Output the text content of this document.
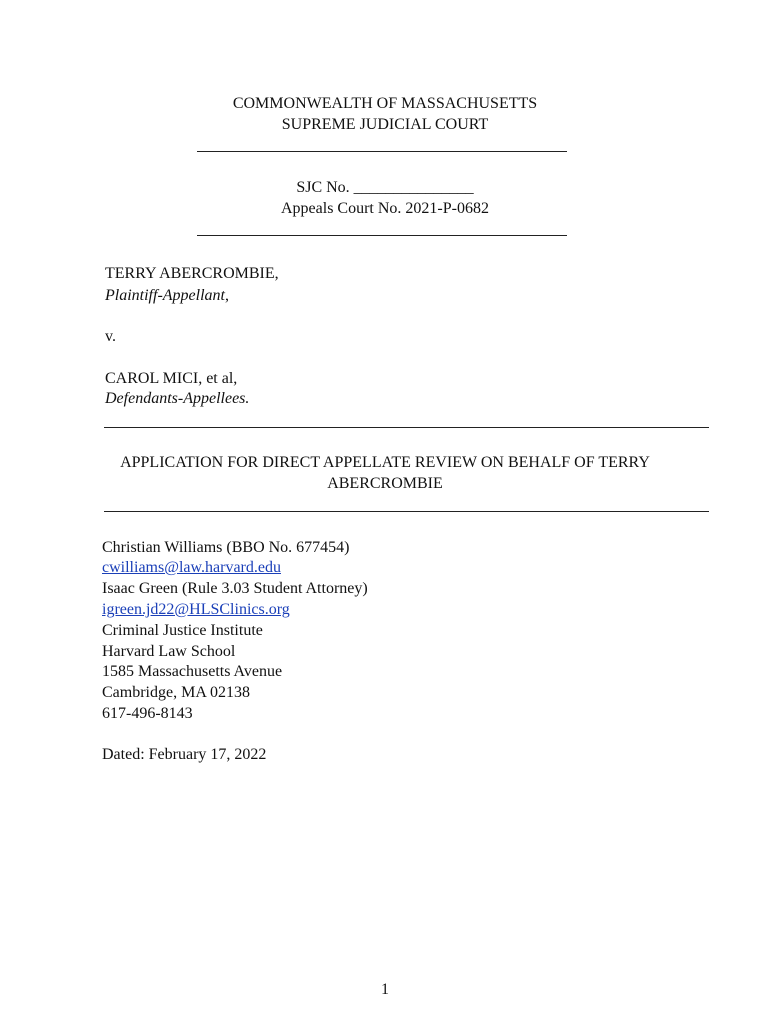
COMMONWEALTH OF MASSACHUSETTS
SUPREME JUDICIAL COURT
SJC No. _______________
Appeals Court No. 2021-P-0682
TERRY ABERCROMBIE,
Plaintiff-Appellant,
v.
CAROL MICI, et al,
Defendants-Appellees.
APPLICATION FOR DIRECT APPELLATE REVIEW ON BEHALF OF TERRY
ABERCROMBIE
Christian Williams (BBO No. 677454)
cwilliams@law.harvard.edu
Isaac Green (Rule 3.03 Student Attorney)
igreen.jd22@HLSClinics.org
Criminal Justice Institute
Harvard Law School
1585 Massachusetts Avenue
Cambridge, MA 02138
617-496-8143
Dated: February 17, 2022
1
